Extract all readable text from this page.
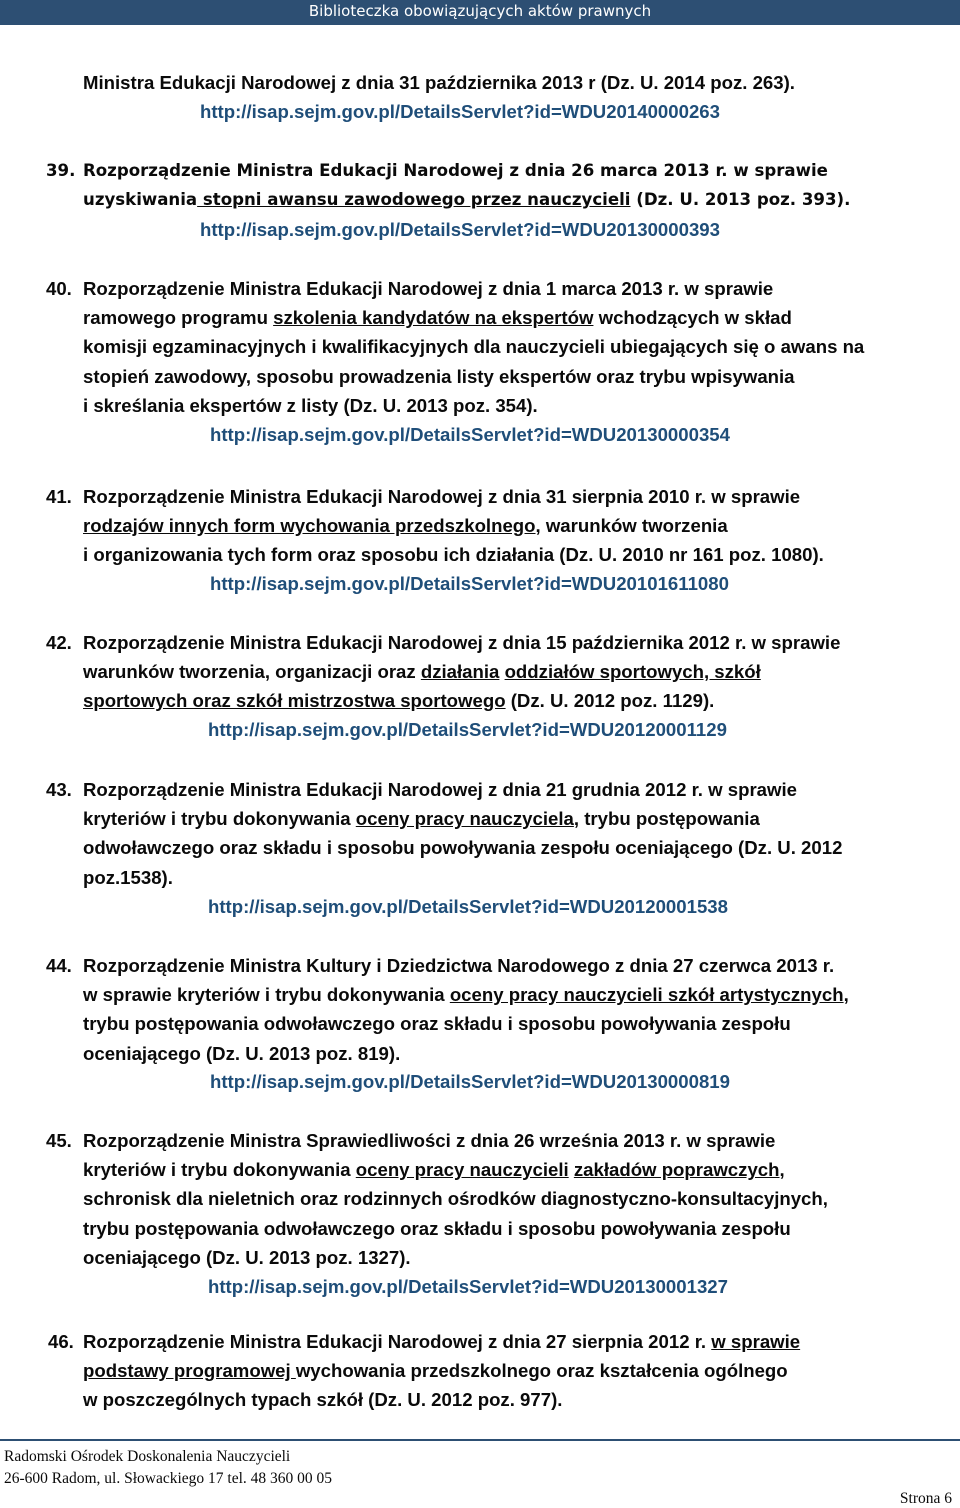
Biblioteczka obowiązujących aktów prawnych
Ministra Edukacji Narodowej z dnia 31 października 2013 r (Dz. U. 2014 poz. 263).
http://isap.sejm.gov.pl/DetailsServlet?id=WDU20140000263
39. Rozporządzenie Ministra Edukacji Narodowej z dnia 26 marca 2013 r. w sprawie
uzyskiwania stopni awansu zawodowego przez nauczycieli (Dz. U. 2013 poz. 393).
http://isap.sejm.gov.pl/DetailsServlet?id=WDU20130000393
40. Rozporządzenie Ministra Edukacji Narodowej z dnia 1 marca 2013 r. w sprawie
ramowego programu szkolenia kandydatów na ekspertów wchodzących w skład
komisji egzaminacyjnych i kwalifikacyjnych dla nauczycieli ubiegających się o awans na
stopień zawodowy, sposobu prowadzenia listy ekspertów oraz trybu wpisywania
i skreślania ekspertów z listy (Dz. U. 2013 poz. 354).
http://isap.sejm.gov.pl/DetailsServlet?id=WDU20130000354
41. Rozporządzenie Ministra Edukacji Narodowej z dnia 31 sierpnia 2010 r. w sprawie
rodzajów innych form wychowania przedszkolnego, warunków tworzenia
i organizowania tych form oraz sposobu ich działania (Dz. U. 2010 nr 161 poz. 1080).
http://isap.sejm.gov.pl/DetailsServlet?id=WDU20101611080
42. Rozporządzenie Ministra Edukacji Narodowej z dnia 15 października 2012 r. w sprawie
warunków tworzenia, organizacji oraz działania oddziałów sportowych, szkół
sportowych oraz szkół mistrzostwa sportowego (Dz. U. 2012 poz. 1129).
http://isap.sejm.gov.pl/DetailsServlet?id=WDU20120001129
43. Rozporządzenie Ministra Edukacji Narodowej z dnia 21 grudnia 2012 r. w sprawie
kryteriów i trybu dokonywania oceny pracy nauczyciela, trybu postępowania
odwoławczego oraz składu i sposobu powoływania zespołu oceniającego (Dz. U. 2012
poz.1538).
http://isap.sejm.gov.pl/DetailsServlet?id=WDU20120001538
44. Rozporządzenie Ministra Kultury i Dziedzictwa Narodowego z dnia 27 czerwca 2013 r.
w sprawie kryteriów i trybu dokonywania oceny pracy nauczycieli szkół artystycznych,
trybu postępowania odwoławczego oraz składu i sposobu powoływania zespołu
oceniającego (Dz. U. 2013 poz. 819).
http://isap.sejm.gov.pl/DetailsServlet?id=WDU20130000819
45. Rozporządzenie Ministra Sprawiedliwości z dnia 26 września 2013 r. w sprawie
kryteriów i trybu dokonywania oceny pracy nauczycieli zakładów poprawczych,
schronisk dla nieletnich oraz rodzinnych ośrodków diagnostyczno-konsultacyjnych,
trybu postępowania odwoławczego oraz składu i sposobu powoływania zespołu
oceniającego (Dz. U. 2013 poz. 1327).
http://isap.sejm.gov.pl/DetailsServlet?id=WDU20130001327
46. Rozporządzenie Ministra Edukacji Narodowej z dnia 27 sierpnia 2012 r. w sprawie
podstawy programowej wychowania przedszkolnego oraz kształcenia ogólnego
w poszczególnych typach szkół (Dz. U. 2012 poz. 977).
Radomski Ośrodek Doskonalenia Nauczycieli
26-600 Radom, ul. Słowackiego 17 tel. 48 360 00 05
Strona 6
